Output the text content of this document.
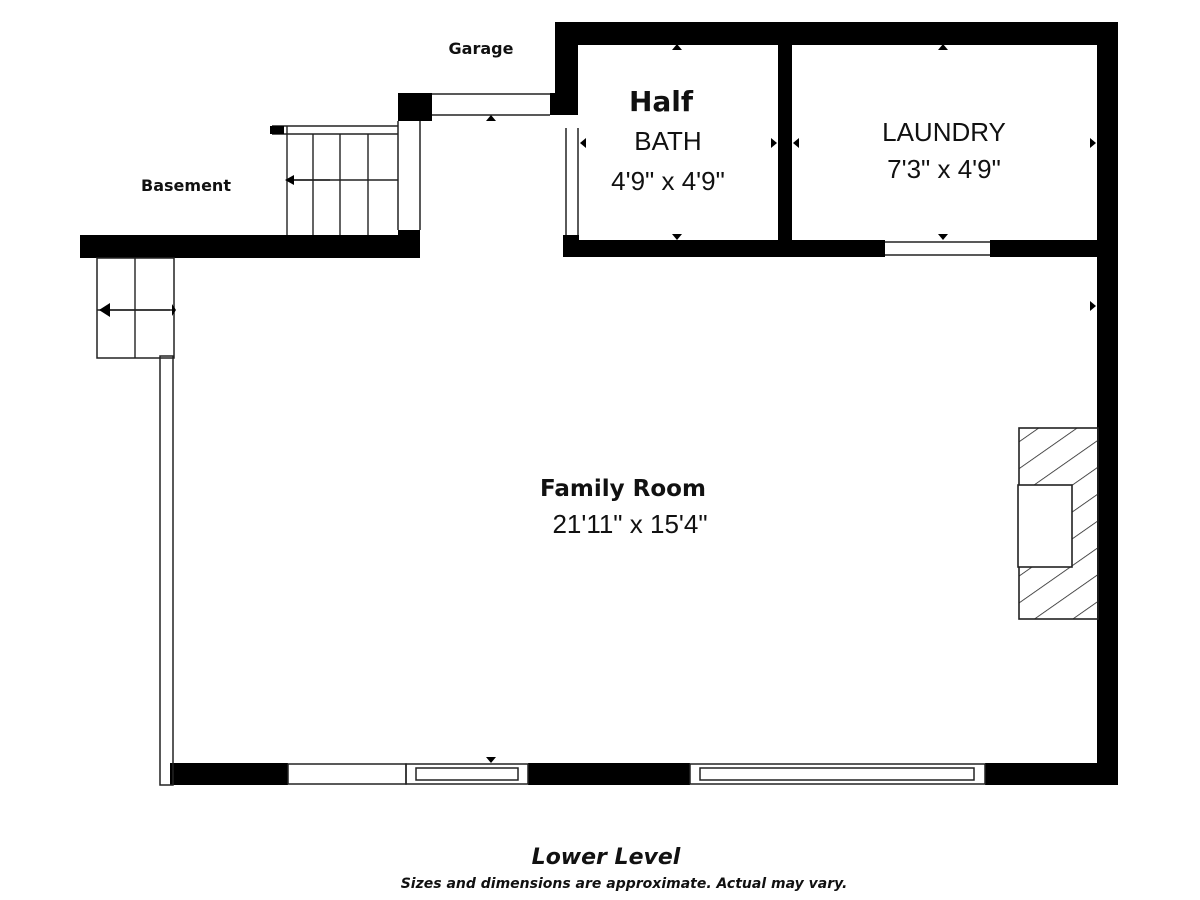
Garage
Basement
Half
BATH
4'9" x 4'9"
LAUNDRY
7'3" x 4'9"
Family Room
21'11" x 15'4"
Lower Level
Sizes and dimensions are approximate. Actual may vary.
